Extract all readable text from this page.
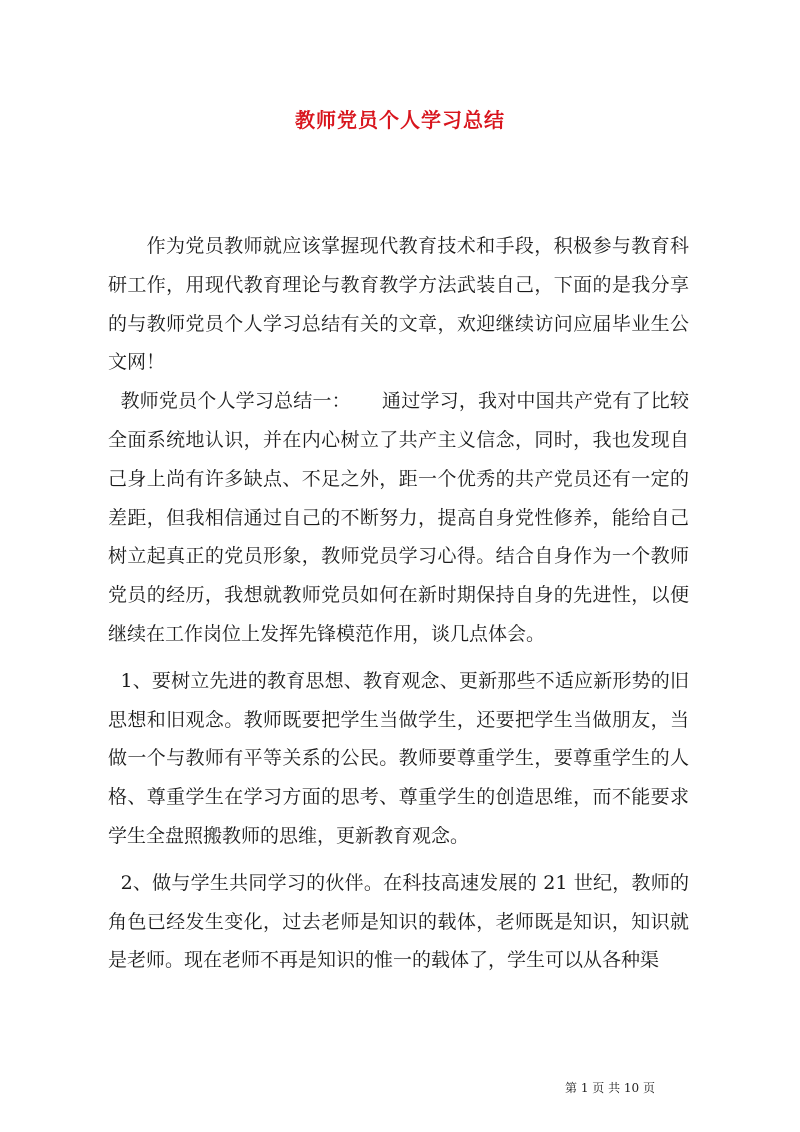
教师党员个人学习总结

作为党员教师就应该掌握现代教育技术和手段，积极参与教育科研工作，用现代教育理论与教育教学方法武装自己，下面的是我分享的与教师党员个人学习总结有关的文章，欢迎继续访问应届毕业生公文网！

教师党员个人学习总结一：     通过学习，我对中国共产党有了比较全面系统地认识，并在内心树立了共产主义信念，同时，我也发现自己身上尚有许多缺点、不足之外，距一个优秀的共产党员还有一定的差距，但我相信通过自己的不断努力，提高自身党性修养，能给自己树立起真正的党员形象，教师党员学习心得。结合自身作为一个教师党员的经历，我想就教师党员如何在新时期保持自身的先进性，以便继续在工作岗位上发挥先锋模范作用，谈几点体会。

1、要树立先进的教育思想、教育观念、更新那些不适应新形势的旧思想和旧观念。教师既要把学生当做学生，还要把学生当做朋友，当做一个与教师有平等关系的公民。教师要尊重学生，要尊重学生的人格、尊重学生在学习方面的思考、尊重学生的创造思维，而不能要求学生全盘照搬教师的思维，更新教育观念。

2、做与学生共同学习的伙伴。在科技高速发展的 21 世纪，教师的角色已经发生变化，过去老师是知识的载体，老师既是知识，知识就是老师。现在老师不再是知识的惟一的载体了，学生可以从各种渠

第 1 页 共 10 页
